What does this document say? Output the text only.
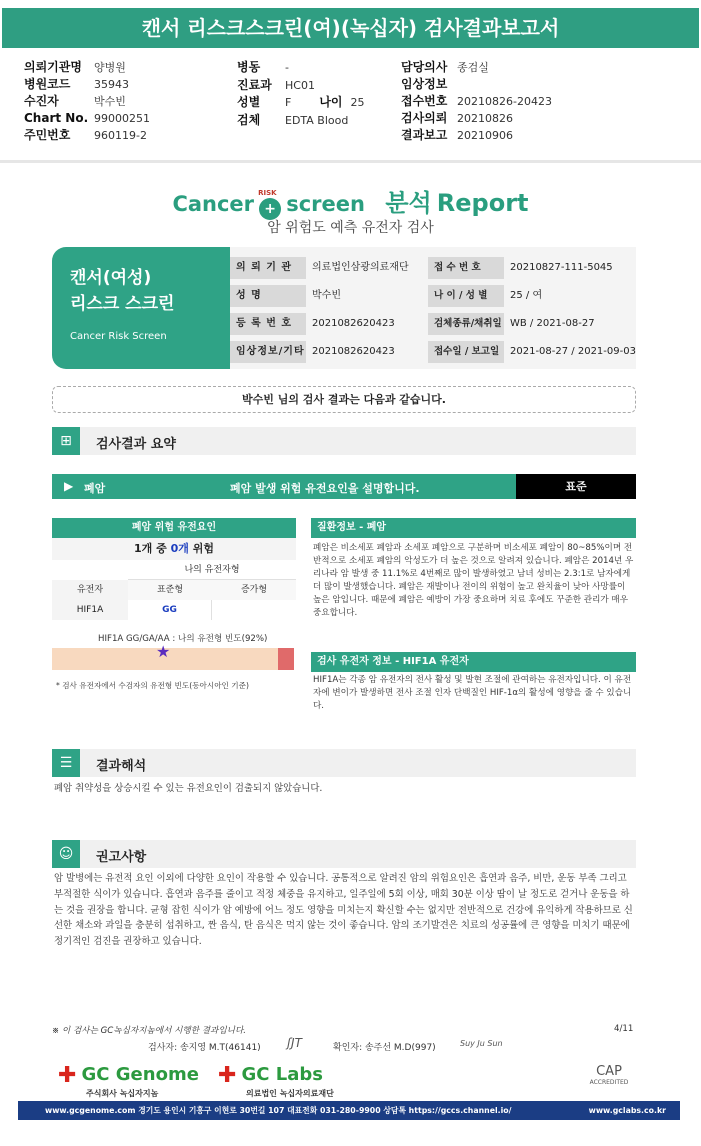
캔서 리스크스크린(여)(녹십자) 검사결과보고서
의뢰기관명 양병원
병원코드 35943
수진자	박수빈
Chart No. 99000251
주민번호 960119-2
병동 -
진료과 HC01
성별 F 나이 25
검체 EDTA Blood
담당의사 종검실
임상정보
접수번호 20210826-20423
검사의뢰 20210826
결과보고 20210906
Cancer +
RISK screen 분석 Report
암 위험도 예측 유전자 검사
캔서(여성)
리스크 스크린
Cancer Risk Screen
의 뢰 기 관	의료법인삼광의료재단	접 수 번 호	20210827-111-5045
성 명	박수빈	나 이 / 성 별	25 / 여
등 록 번 호	2021082620423	검체종류/채취일 WB / 2021-08-27
임상정보/기타 2021082620423	접수일 / 보고일	2021-08-27 / 2021-09-03
박수빈 님의 검사 결과는 다음과 같습니다.
⊞	검사결과 요약
▶ 폐암	폐암 발생 위험 유전요인을 설명합니다.	표준
폐암 위험 유전요인
1개 중 0개 위험
나의 유전자형
유전자	표준형	증가형
HIF1A	GG
HIF1A GG/GA/AA : 나의 유전형 빈도(92%)
★
* 검사 유전자에서 수검자의 유전형 빈도(동아시아인 기준)
질환정보 - 폐암
폐암은 비소세포 폐암과 소세포 폐암으로 구분하며 비소세포 폐암이 80~85%이며 전반적으로 소세포 폐암의 악성도가 더 높은 것으로 알려져 있습니다. 폐암은 2014년 우리나라 암 발생 중 11.1%로 4번째로 많이 발생하였고 남녀 성비는 2.3:1로 남자에게 더 많이 발생했습니다. 폐암은 재발이나 전이의 위험이 높고 완치율이 낮아 사망률이 높은 암입니다. 때문에 폐암은 예방이 가장 중요하며 치료 후에도 꾸준한 관리가 매우 중요합니다.
검사 유전자 정보 - HIF1A 유전자
HIF1A는 각종 암 유전자의 전사 활성 및 발현 조절에 관여하는 유전자입니다. 이 유전자에 변이가 발생하면 전사 조절 인자 단백질인 HIF-1α의 활성에 영향을 줄 수 있습니다.
☰	결과해석
폐암 취약성을 상승시킬 수 있는 유전요인이 검출되지 않았습니다.
☺	권고사항
암 발병에는 유전적 요인 이외에 다양한 요인이 작용할 수 있습니다. 공통적으로 알려진 암의 위험요인은 흡연과 음주, 비만, 운동 부족 그리고 부적절한 식이가 있습니다. 흡연과 음주를 줄이고 적정 체중을 유지하고, 일주일에 5회 이상, 매회 30분 이상 땀이 날 정도로 걷거나 운동을 하는 것을 권장을 합니다. 균형 잡힌 식이가 암 예방에 어느 정도 영향을 미치는지 확신할 수는 없지만 전반적으로 건강에 유익하게 작용하므로 신선한 채소와 과일을 충분히 섭취하고, 짠 음식, 탄 음식은 먹지 않는 것이 좋습니다. 암의 조기발견은 치료의 성공률에 큰 영향을 미치기 때문에 정기적인 검진을 권장하고 있습니다.
※ 이 검사는 GC녹십자지놈에서 시행한 결과입니다.	4/11
검사자: 송지영 M.T(46141) ʃJT	확인자: 송주선 M.D(997)	Suy Ju Sun
✚ GC Genome
주식회사 녹십자지놈
✚ GC Labs
의료법인 녹십자의료재단
CAP
ACCREDITED
www.gcgenome.com 경기도 용인시 기흥구 이현로 30번길 107 대표전화 031-280-9900 상담톡 https://gccs.channel.io/	www.gclabs.co.kr
